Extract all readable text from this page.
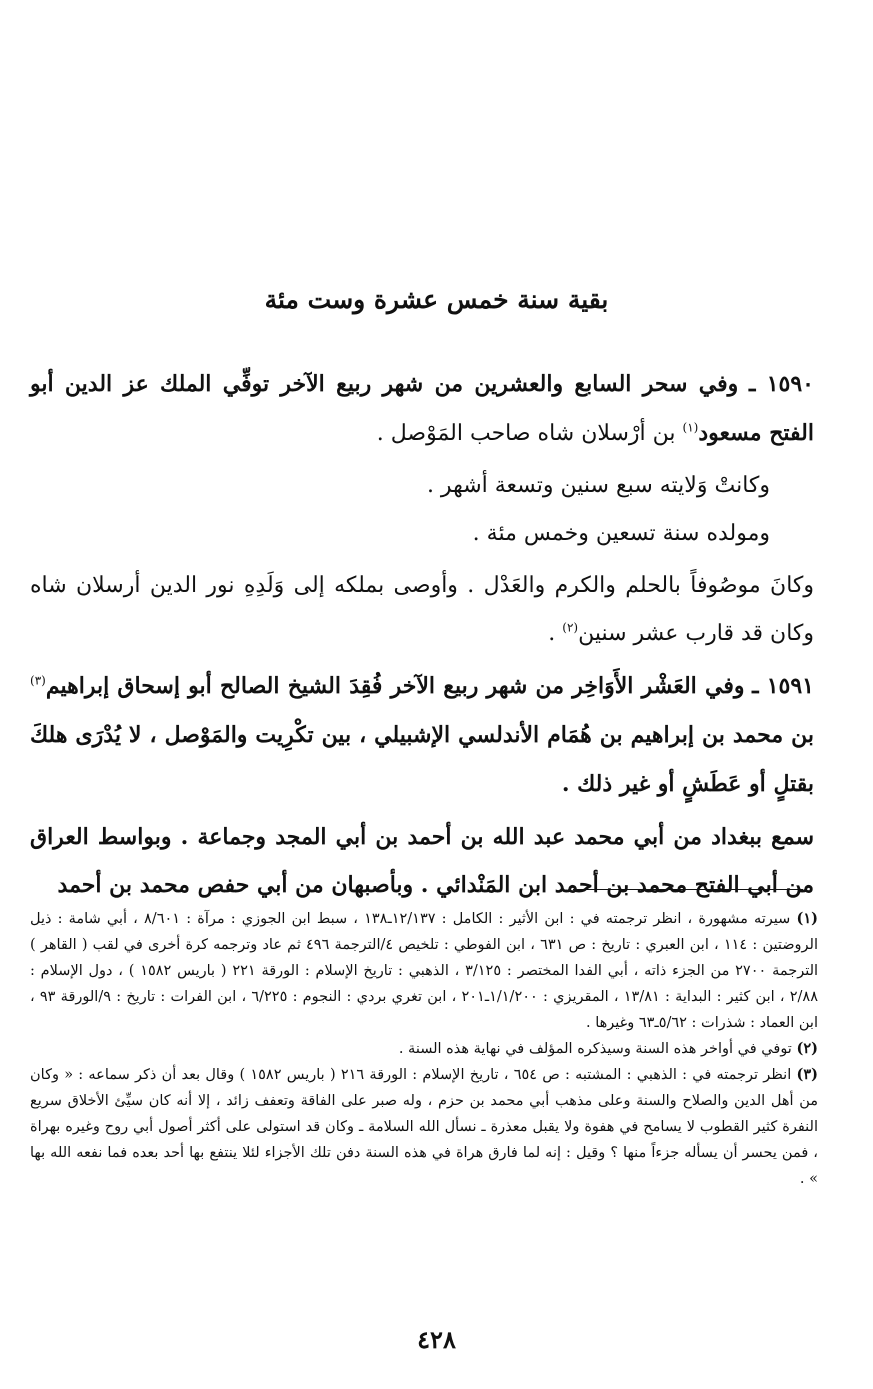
بقية سنة خمس عشرة وست مئة

١٥٩٠ ـ وفي سحر السابع والعشرين من شهر ربيع الآخر توفِّي الملك عز الدين أبو الفتح مسعود$^{(١)}$ بن أرْسلان شاه صاحب المَوْصل .

وكانتْ وَلايته سبع سنين وتسعة أشهر .

ومولده سنة تسعين وخمس مئة .

وكانَ موصُوفاً بالحلم والكرم والعَدْل . وأوصى بملكه إلى وَلَدِهِ نور الدين أرسلان شاه وكان قد قارب عشر سنين$^{(٢)}$ .

١٥٩١ ـ وفي العَشْر الأَوَاخِر من شهر ربيع الآخر فُقِدَ الشيخ الصالح أبو إسحاق إبراهيم$^{(٣)}$ بن محمد بن إبراهيم بن هُمَام الأندلسي الإشبيلي ، بين تكْرِيت والمَوْصل ، لا يُدْرَى هلكَ بقتلٍ أو عَطَشٍ أو غير ذلك .

سمع ببغداد من أبي محمد عبد الله بن أحمد بن أبي المجد وجماعة . وبواسط العراق من أبي الفتح محمد بن أحمد ابن المَنْدائي . وبأصبهان من أبي حفص محمد بن أحمد

(١) سيرته مشهورة ، انظر ترجمته في : ابن الأثير : الكامل : ١٢/١٣٧ـ١٣٨ ، سبط ابن الجوزي : مرآة : ٨/٦٠١ ، أبي شامة : ذيل الروضتين : ١١٤ ، ابن العبري : تاريخ : ص ٦٣١ ، ابن الفوطي : تلخيص ٤/الترجمة ٤٩٦ ثم عاد وترجمه كرة أخرى في لقب ( القاهر ) الترجمة ٢٧٠٠ من الجزء ذاته ، أبي الفدا المختصر : ٣/١٢٥ ، الذهبي : تاريخ الإسلام : الورقة ٢٢١ ( باريس ١٥٨٢ ) ، دول الإسلام : ٢/٨٨ ، ابن كثير : البداية : ١٣/٨١ ، المقريزي : ١/١/٢٠٠ـ٢٠١ ، ابن تغري بردي : النجوم : ٦/٢٢٥ ، ابن الفرات : تاريخ : ٩/الورقة ٩٣ ، ابن العماد : شذرات : ٥/٦٢ـ٦٣ وغيرها .

(٢) توفي في أواخر هذه السنة وسيذكره المؤلف في نهاية هذه السنة .

(٣) انظر ترجمته في : الذهبي : المشتبه : ص ٦٥٤ ، تاريخ الإسلام : الورقة ٢١٦ ( باريس ١٥٨٢ ) وقال بعد أن ذكر سماعه : « وكان من أهل الدين والصلاح والسنة وعلى مذهب أبي محمد بن حزم ، وله صبر على الفاقة وتعفف زائد ، إلا أنه كان سيِّئ الأخلاق سريع النفرة كثير القطوب لا يسامح في هفوة ولا يقبل معذرة ـ نسأل الله السلامة ـ وكان قد استولى على أكثر أصول أبي روح وغيره بهراة ، فمن يحسر أن يسأله جزءاً منها ؟ وقيل : إنه لما فارق هراة في هذه السنة دفن تلك الأجزاء لئلا ينتفع بها أحد بعده فما نفعه الله بها » .

٤٢٨
